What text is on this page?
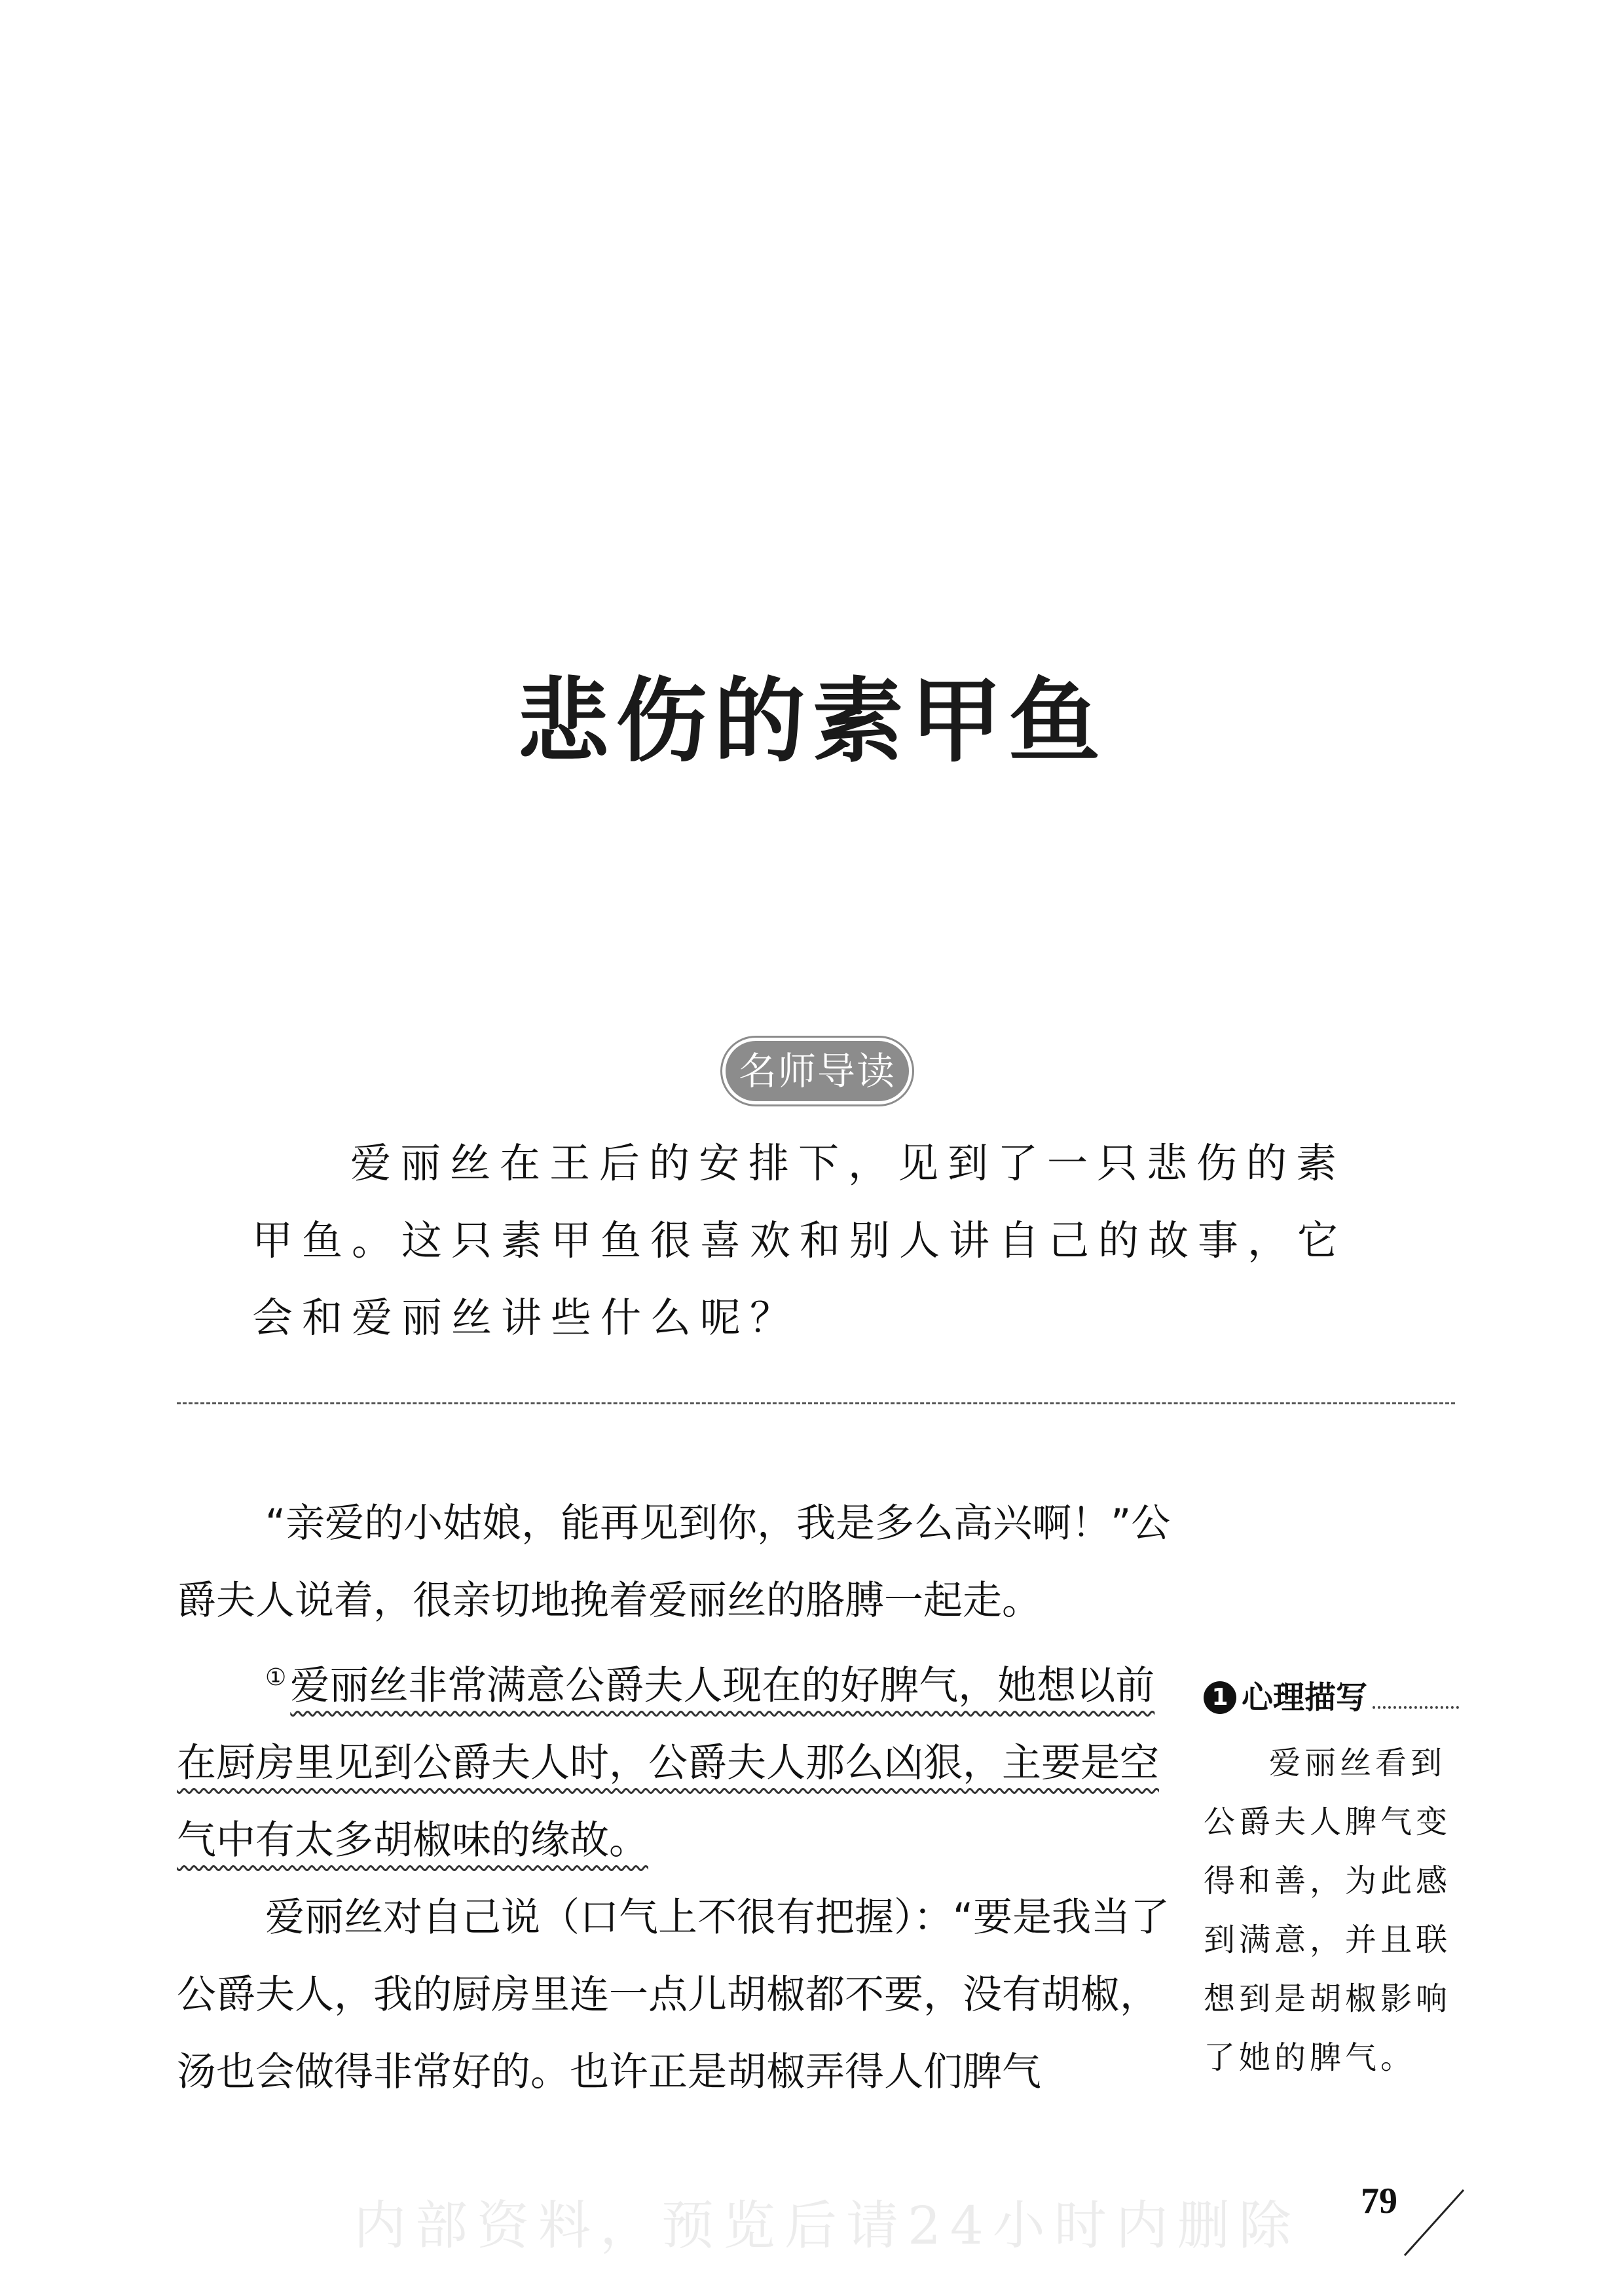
悲伤的素甲鱼
名师导读

爱丽丝在王后的安排下，见到了一只悲伤的素甲鱼。这只素甲鱼很喜欢和别人讲自己的故事，它会和爱丽丝讲些什么呢？

“亲爱的小姑娘，能再见到你，我是多么高兴啊！”公爵夫人说着，很亲切地挽着爱丽丝的胳膊一起走。

① 爱丽丝非常满意公爵夫人现在的好脾气，她想以前在厨房里见到公爵夫人时，公爵夫人那么凶狠，主要是空气中有太多胡椒味的缘故。

爱丽丝对自己说（口气上不很有把握）：“要是我当了公爵夫人，我的厨房里连一点儿胡椒都不要，没有胡椒，汤也会做得非常好的。也许正是胡椒弄得人们脾气

1 心理描写
爱丽丝看到公爵夫人脾气变得和善，为此感到满意，并且联想到是胡椒影响了她的脾气。
内部资料，预览后请24小时内删除 79
